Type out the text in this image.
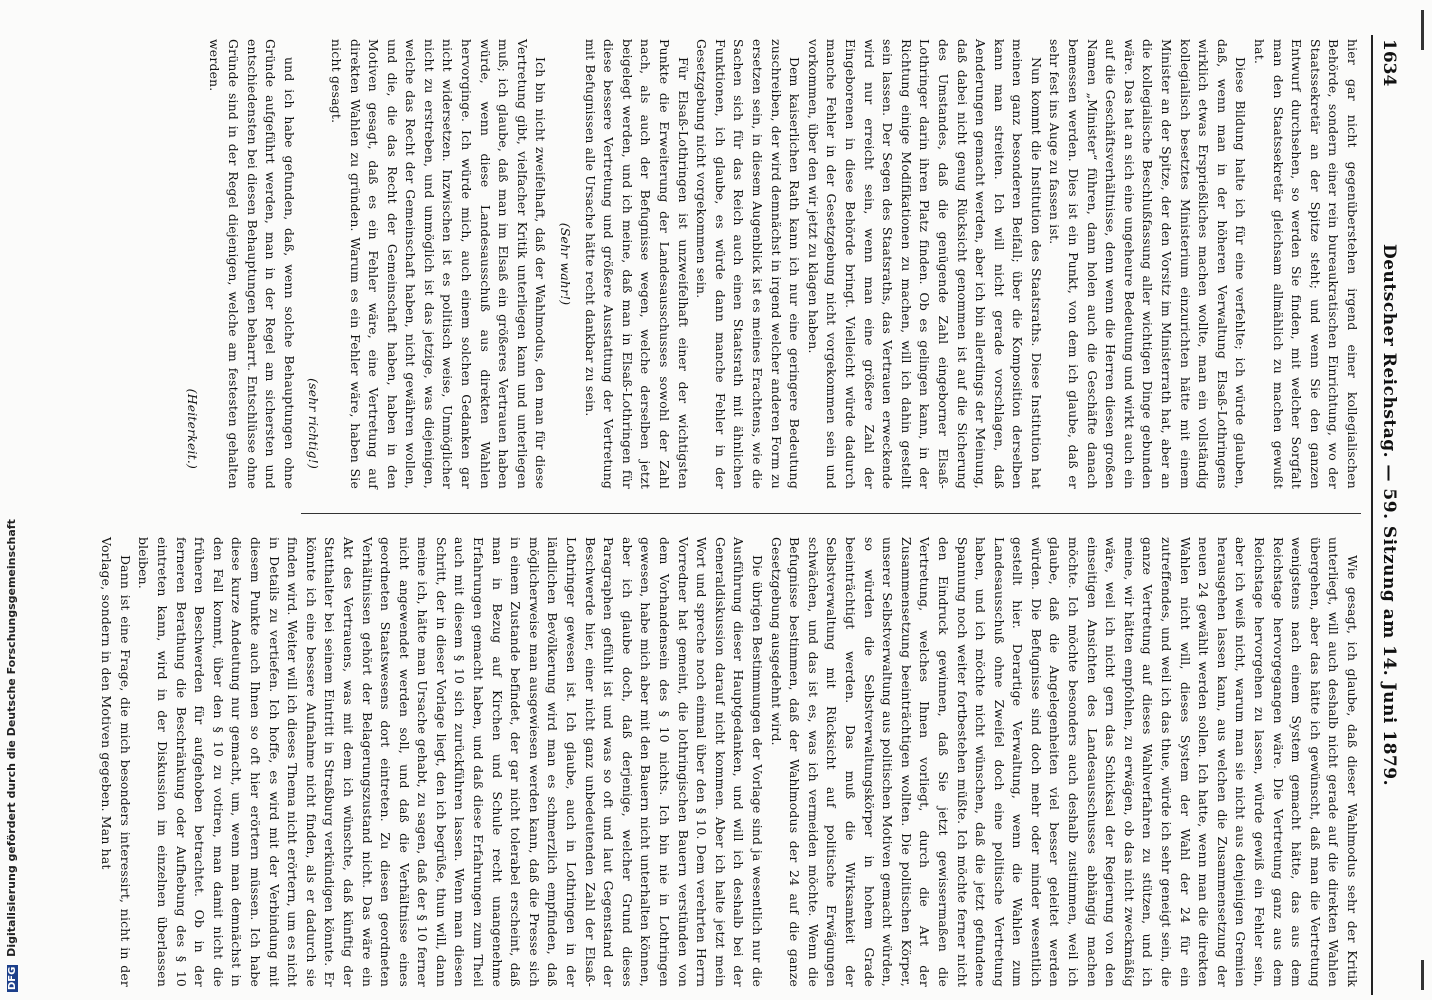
1634
Deutscher Reichstag. — 59. Sitzung am 14. Juni 1879.

hier gar nicht gegenüberstehen irgend einer kollegialischen Behörde, sondern einer rein bureaukratischen Einrichtung, wo der Staatssekretär an der Spitze steht; und wenn Sie den ganzen Entwurf durchsehen, so werden Sie finden, mit welcher Sorgfalt man den Staatssekretär gleichsam allmählich zu machen gewußt hat.

Diese Bildung halte ich für eine verfehlte; ich würde glauben, daß, wenn man in der höheren Verwaltung Elsaß-Lothringens wirklich etwas Ersprießliches machen wollte, man ein vollständig kollegialisch besetztes Ministerium einzurichten hätte mit einem Minister an der Spitze, der den Vorsitz im Ministerrath hat, aber an die kollegialische Beschlußfassung aller wichtigen Dinge gebunden wäre. Das hat an sich eine ungeheure Bedeutung und wirkt auch ein auf die Geschäftsverhältnisse, denn wenn die Herren diesen großen Namen „Minister“ führen, dann holen auch die Geschäfte danach bemessen werden. Dies ist ein Punkt, von dem ich glaube, daß er sehr fest ins Auge zu fassen ist.

Nun kommt die Institution des Staatsraths. Diese Institution hat meinen ganz besonderen Beifall; über die Komposition derselben kann man streiten. Ich will nicht gerade vorschlagen, daß Aenderungen gemacht werden, aber ich bin allerdings der Meinung, daß dabei nicht genug Rücksicht genommen ist auf die Sicherung des Umstandes, daß die genügende Zahl eingeborner Elsaß-Lothringer darin ihren Platz finden. Ob es gelingen kann, in der Richtung einige Modifikationen zu machen, will ich dahin gestellt sein lassen. Der Segen des Staatsraths, das Vertrauen erweckende wird nur erreicht sein, wenn man eine größere Zahl der Eingeborenen in diese Behörde bringt. Vielleicht würde dadurch manche Fehler in der Gesetzgebung nicht vorgekommen sein und vorkommen, über den wir jetzt zu klagen haben.

Dem kaiserlichen Rath kann ich nur eine geringere Bedeutung zuschreiben, der wird demnächst in irgend welcher anderen Form zu ersetzen sein, in diesem Augenblick ist es meines Erachtens, wie die Sachen sich für das Reich auch einen Staatsrath mit ähnlichen Funktionen, ich glaube, es würde dann manche Fehler in der Gesetzgebung nicht vorgekommen sein.

Für Elsaß-Lothringen ist unzweifelhaft einer der wichtigsten Punkte die Erweiterung der Landesausschusses sowohl der Zahl nach, als auch der Befugnisse wegen, welche derselben jetzt beigelegt werden, und ich meine, daß man in Elsaß-Lothringen für diese bessere Vertretung und größere Ausstattung der Vertretung mit Befugnissen alle Ursache hätte recht dankbar zu sein.

(Sehr wahr!)

Ich bin nicht zweifelhaft, daß der Wahlmodus, den man für diese Vertretung gibt, vielfacher Kritik unterliegen kann und unterliegen muß; ich glaube, daß man im Elsaß ein größeres Vertrauen haben würde, wenn diese Landesausschuß aus direkten Wahlen hervorginge. Ich würde mich, auch einem solchen Gedanken gar nicht widersetzen. Inzwischen ist es politisch weise, Unmöglicher nicht zu erstreben, und unmöglich ist das jetzige, was diejenigen, welche das Recht der Gemeinschaft haben, nicht gewähren wollen, und die, die das Recht der Gemeinschaft haben, haben in den Motiven gesagt, daß es ein Fehler wäre, eine Vertretung auf direkten Wahlen zu gründen. Warum es ein Fehler wäre, haben Sie nicht gesagt.

(sehr richtig!)

und ich habe gefunden, daß, wenn solche Behauptungen ohne Gründe aufgeführt werden, man in der Regel am sichersten und entschiedensten bei diesen Behauptungen beharrt. Entschlüsse ohne Gründe sind in der Regel diejenigen, welche am festesten gehalten werden.

(Heiterkeit.)

Wie gesagt, ich glaube, daß dieser Wahlmodus sehr der Kritik unterliegt, will auch deshalb nicht gerade auf die direkten Wahlen übergehen, aber das hätte ich gewünscht, daß man die Vertretung wenigstens nach einem System gemacht hätte, das aus dem Reichstage hervorgegangen wäre. Die Vertretung ganz aus dem Reichstage hervorgehen zu lassen, würde gewiß ein Fehler sein, aber ich weiß nicht, warum man sie nicht aus denjenigen Gremien herausgehen lassen kann, aus welchen die Zusammensetzung der neuen 24 gewählt werden sollen. Ich hatte, wenn man die direkten Wahlen nicht will, dieses System der Wahl der 24 für ein zutreffendes, und weil ich das thue, würde ich sehr geneigt sein, die ganze Vertretung auf dieses Wahlverfahren zu stützen, und ich meine, wir hätten empfohlen, zu erwägen, ob das nicht zweckmäßig wäre, weil ich nicht gern das Schicksal der Regierung von den einseitigen Ansichten des Landesausschusses abhängig machen möchte. Ich möchte besonders auch deshalb zustimmen, weil ich glaube, daß die Angelegenheiten viel besser geleitet werden würden. Die Befugnisse sind doch mehr oder minder wesentlich gestellt hier. Derartige Verwaltung, wenn die Wahlen zum Landesausschuß ohne Zweifel doch eine politische Vertretung haben, und ich möchte nicht wünschen, daß die jetzt gefundene Spannung noch weiter fortbestehen müßte. Ich möchte ferner nicht den Eindruck gewinnen, daß Sie jetzt gewissermaßen die Vertretung, welches Ihnen vorliegt, durch die Art der Zusammensetzung beeinträchtigen wollten. Die politischen Körper, unserer Selbstverwaltung aus politischen Motiven gemacht würden, so würden die Selbstverwaltungskörper in hohem Grade beeinträchtigt werden. Das muß die Wirksamkeit der Selbstverwaltung mit Rücksicht auf politische Erwägungen schwächen, und das ist es, was ich vermeiden möchte. Wenn die Befugnisse bestimmen, daß der Wahlmodus der 24 auf die ganze Gesetzgebung ausgedehnt wird.

Die übrigen Bestimmungen der Vorlage sind ja wesentlich nur die Ausführung dieser Hauptgedanken, und will ich deshalb bei der Generaldiskussion darauf nicht kommen. Aber ich halte jetzt mein Wort und spreche noch einmal über den § 10. Dem verehrten Herrn Vorredner hat gemeint, die lothringischen Bauern verstünden von dem Vorhandensein des § 10 nichts. Ich bin nie in Lothringen gewesen, habe mich aber mit den Bauern nicht unterhalten können, aber ich glaube doch, daß derjenige, welcher Grund dieses Paragraphen gefühlt ist und was so oft und laut Gegenstand der Beschwerde hier, einer nicht ganz unbedeutenden Zahl der Elsaß-Lothringer gewesen ist. Ich glaube, auch in Lothringen in der ländlichen Bevölkerung wird man es schmerzlich empfinden, daß möglicherweise man ausgewiesen werden kann, daß die Presse sich in einem Zustande befindet, der gar nicht tolerabel erscheint, daß man in Bezug auf Kirchen und Schule recht unangenehme Erfahrungen gemacht haben, und daß diese Erfahrungen zum Theil auch mit diesem § 10 sich zurückführen lassen. Wenn man diesen Schritt, der in dieser Vorlage liegt, den ich begrüße, thun will, dann meine ich, hätte man Ursache gehabt, zu sagen, daß der § 10 ferner nicht angewendet werden soll, und daß die Verhältnisse eines geordneten Staatswesens dort eintreten. Zu diesen geordneten Verhältnissen gehört der Belagerungszustand nicht. Das wäre ein Akt des Vertrauens, was mit dem ich wünschte, daß künftig der Statthalter bei seinem Eintritt in Straßburg verkündigen könnte. Er könnte ich eine bessere Aufnahme nicht finden, als er dadurch sie finden wird. Weiter will ich dieses Thema nicht erörtern, um es nicht in Details zu vertiefen. Ich hoffe, es wird mit der Verbindung mit diesem Punkte auch Ihnen so oft hier erörtern müssen. Ich habe diese kurze Andeutung nur gemacht, um, wenn man demnächst in den Fall kommt, über den § 10 zu votiren, man damit nicht die früheren Beschwerden für aufgehoben betrachtet. Ob in der ferneren Berathung die Beschränkung oder Aufhebung des § 10 eintreten kann, wird in der Diskussion im einzelnen überlassen bleiben.

Dann ist eine Frage, die mich besonders interessirt, nicht in der Vorlage, sondern in den Motiven gegeben. Man hat

DFG Digitalisierung gefördert durch die Deutsche Forschungsgemeinschaft
